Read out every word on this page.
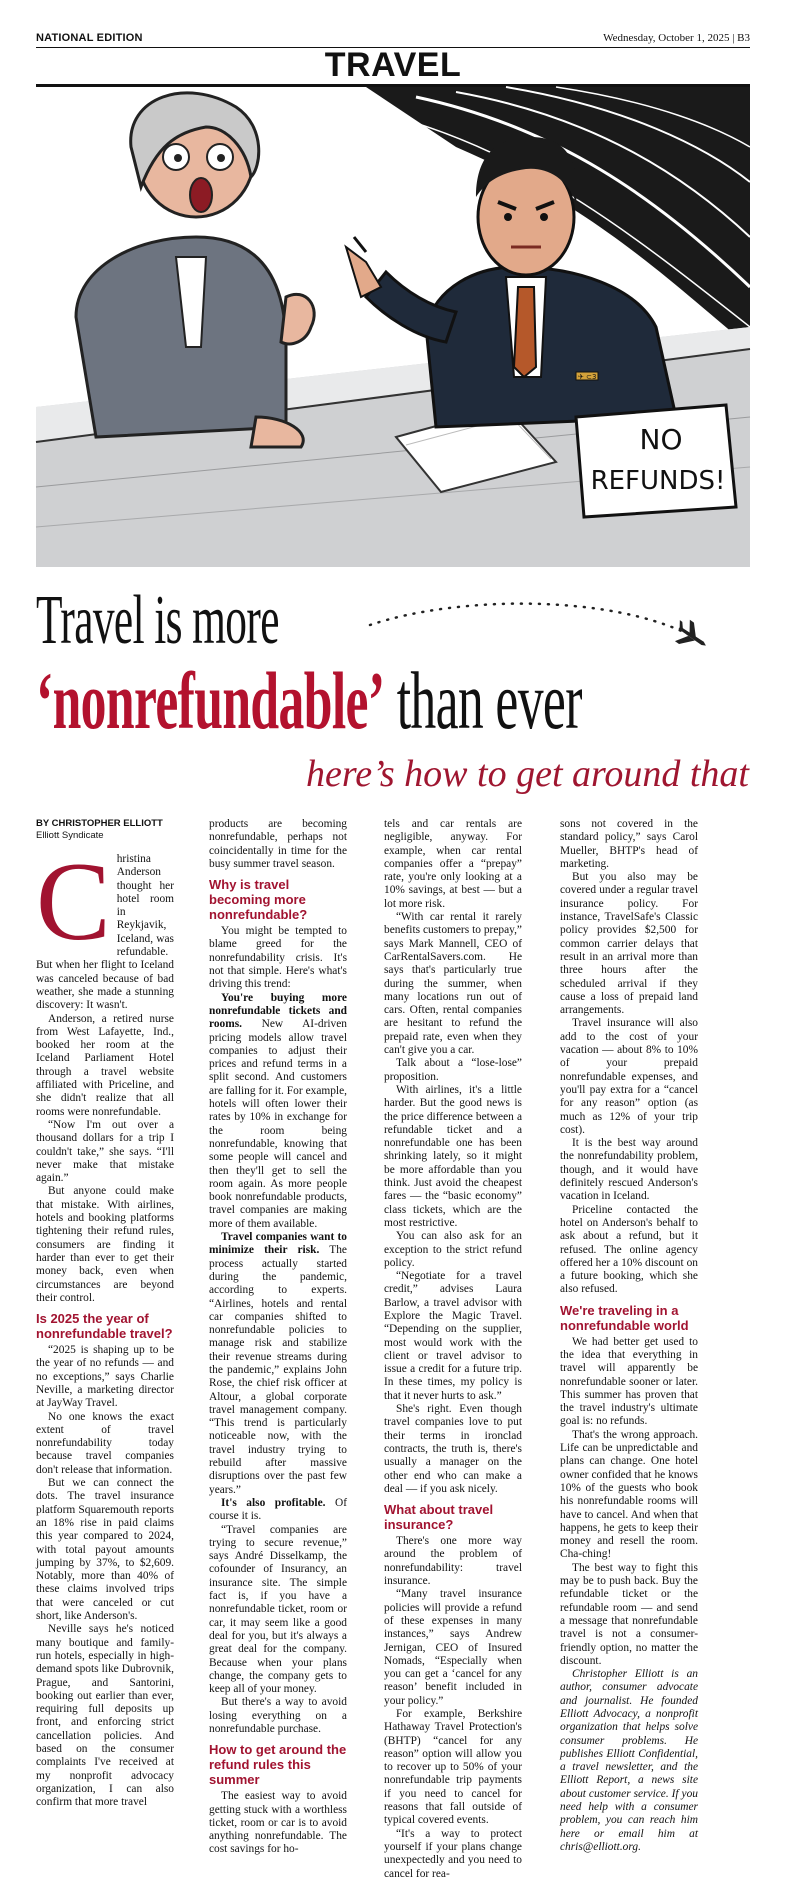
NATIONAL EDITION	Wednesday, October 1, 2025 | B3
TRAVEL
✈ ⊂3
NO
REFUNDS!
Travel is more
‘nonrefundable’ than ever
here’s how to get around that
BY CHRISTOPHER ELLIOTT
Elliott Syndicate
C hristina Anderson thought her hotel room in Reykjavik, Iceland, was refundable. But when her flight to Iceland was canceled because of bad weather, she made a stunning discovery: It wasn't.

Anderson, a retired nurse from West Lafayette, Ind., booked her room at the Iceland Parliament Hotel through a travel website affiliated with Priceline, and she didn't realize that all rooms were nonrefundable.

“Now I'm out over a thousand dollars for a trip I couldn't take,” she says. “I'll never make that mistake again.”

But anyone could make that mistake. With airlines, hotels and booking platforms tightening their refund rules, consumers are finding it harder than ever to get their money back, even when circumstances are beyond their control.

Is 2025 the year of nonrefundable travel?

“2025 is shaping up to be the year of no refunds — and no exceptions,” says Charlie Neville, a marketing director at JayWay Travel.

No one knows the exact extent of travel nonrefundability today because travel companies don't release that information.

But we can connect the dots. The travel insurance platform Squaremouth reports an 18% rise in paid claims this year compared to 2024, with total payout amounts jumping by 37%, to $2,609. Notably, more than 40% of these claims involved trips that were canceled or cut short, like Anderson's.

Neville says he's noticed many boutique and family-run hotels, especially in high-demand spots like Dubrovnik, Prague, and Santorini, booking out earlier than ever, requiring full deposits up front, and enforcing strict cancellation policies. And based on the consumer complaints I've received at my nonprofit advocacy organization, I can also confirm that more travel

products are becoming nonrefundable, perhaps not coincidentally in time for the busy summer travel season.

Why is travel becoming more nonrefundable?

You might be tempted to blame greed for the nonrefundability crisis. It's not that simple. Here's what's driving this trend:

You're buying more nonrefundable tickets and rooms. New AI-driven pricing models allow travel companies to adjust their prices and refund terms in a split second. And customers are falling for it. For example, hotels will often lower their rates by 10% in exchange for the room being nonrefundable, knowing that some people will cancel and then they'll get to sell the room again. As more people book nonrefundable products, travel companies are making more of them available.

Travel companies want to minimize their risk. The process actually started during the pandemic, according to experts. “Airlines, hotels and rental car companies shifted to nonrefundable policies to manage risk and stabilize their revenue streams during the pandemic,” explains John Rose, the chief risk officer at Altour, a global corporate travel management company. “This trend is particularly noticeable now, with the travel industry trying to rebuild after massive disruptions over the past few years.”

It's also profitable. Of course it is.

“Travel companies are trying to secure revenue,” says André Disselkamp, the cofounder of Insurancy, an insurance site. The simple fact is, if you have a nonrefundable ticket, room or car, it may seem like a good deal for you, but it's always a great deal for the company. Because when your plans change, the company gets to keep all of your money.

But there's a way to avoid losing everything on a nonrefundable purchase.

How to get around the refund rules this summer

The easiest way to avoid getting stuck with a worthless ticket, room or car is to avoid anything nonrefundable. The cost savings for ho-

tels and car rentals are negligible, anyway. For example, when car rental companies offer a “prepay” rate, you're only looking at a 10% savings, at best — but a lot more risk.

“With car rental it rarely benefits customers to prepay,” says Mark Mannell, CEO of CarRentalSavers.com. He says that's particularly true during the summer, when many locations run out of cars. Often, rental companies are hesitant to refund the prepaid rate, even when they can't give you a car.

Talk about a “lose-lose” proposition.

With airlines, it's a little harder. But the good news is the price difference between a refundable ticket and a nonrefundable one has been shrinking lately, so it might be more affordable than you think. Just avoid the cheapest fares — the “basic economy” class tickets, which are the most restrictive.

You can also ask for an exception to the strict refund policy.

“Negotiate for a travel credit,” advises Laura Barlow, a travel advisor with Explore the Magic Travel. “Depending on the supplier, most would work with the client or travel advisor to issue a credit for a future trip. In these times, my policy is that it never hurts to ask.”

She's right. Even though travel companies love to put their terms in ironclad contracts, the truth is, there's usually a manager on the other end who can make a deal — if you ask nicely.

What about travel insurance?

There's one more way around the problem of nonrefundability: travel insurance.

“Many travel insurance policies will provide a refund of these expenses in many instances,” says Andrew Jernigan, CEO of Insured Nomads, “Especially when you can get a ‘cancel for any reason’ benefit included in your policy.”

For example, Berkshire Hathaway Travel Protection's (BHTP) “cancel for any reason” option will allow you to recover up to 50% of your nonrefundable trip payments if you need to cancel for reasons that fall outside of typical covered events.

“It's a way to protect yourself if your plans change unexpectedly and you need to cancel for rea-

sons not covered in the standard policy,” says Carol Mueller, BHTP's head of marketing.

But you also may be covered under a regular travel insurance policy. For instance, TravelSafe's Classic policy provides $2,500 for common carrier delays that result in an arrival more than three hours after the scheduled arrival if they cause a loss of prepaid land arrangements.

Travel insurance will also add to the cost of your vacation — about 8% to 10% of your prepaid nonrefundable expenses, and you'll pay extra for a “cancel for any reason” option (as much as 12% of your trip cost).

It is the best way around the nonrefundability problem, though, and it would have definitely rescued Anderson's vacation in Iceland.

Priceline contacted the hotel on Anderson's behalf to ask about a refund, but it refused. The online agency offered her a 10% discount on a future booking, which she also refused.

We're traveling in a nonrefundable world

We had better get used to the idea that everything in travel will apparently be nonrefundable sooner or later. This summer has proven that the travel industry's ultimate goal is: no refunds.

That's the wrong approach. Life can be unpredictable and plans can change. One hotel owner confided that he knows 10% of the guests who book his nonrefundable rooms will have to cancel. And when that happens, he gets to keep their money and resell the room. Cha-ching!

The best way to fight this may be to push back. Buy the refundable ticket or the refundable room — and send a message that nonrefundable travel is not a consumer-friendly option, no matter the discount.

Christopher Elliott is an author, consumer advocate and journalist. He founded Elliott Advocacy, a nonprofit organization that helps solve consumer problems. He publishes Elliott Confidential, a travel newsletter, and the Elliott Report, a news site about customer service. If you need help with a consumer problem, you can reach him here or email him at chris@elliott.org.
